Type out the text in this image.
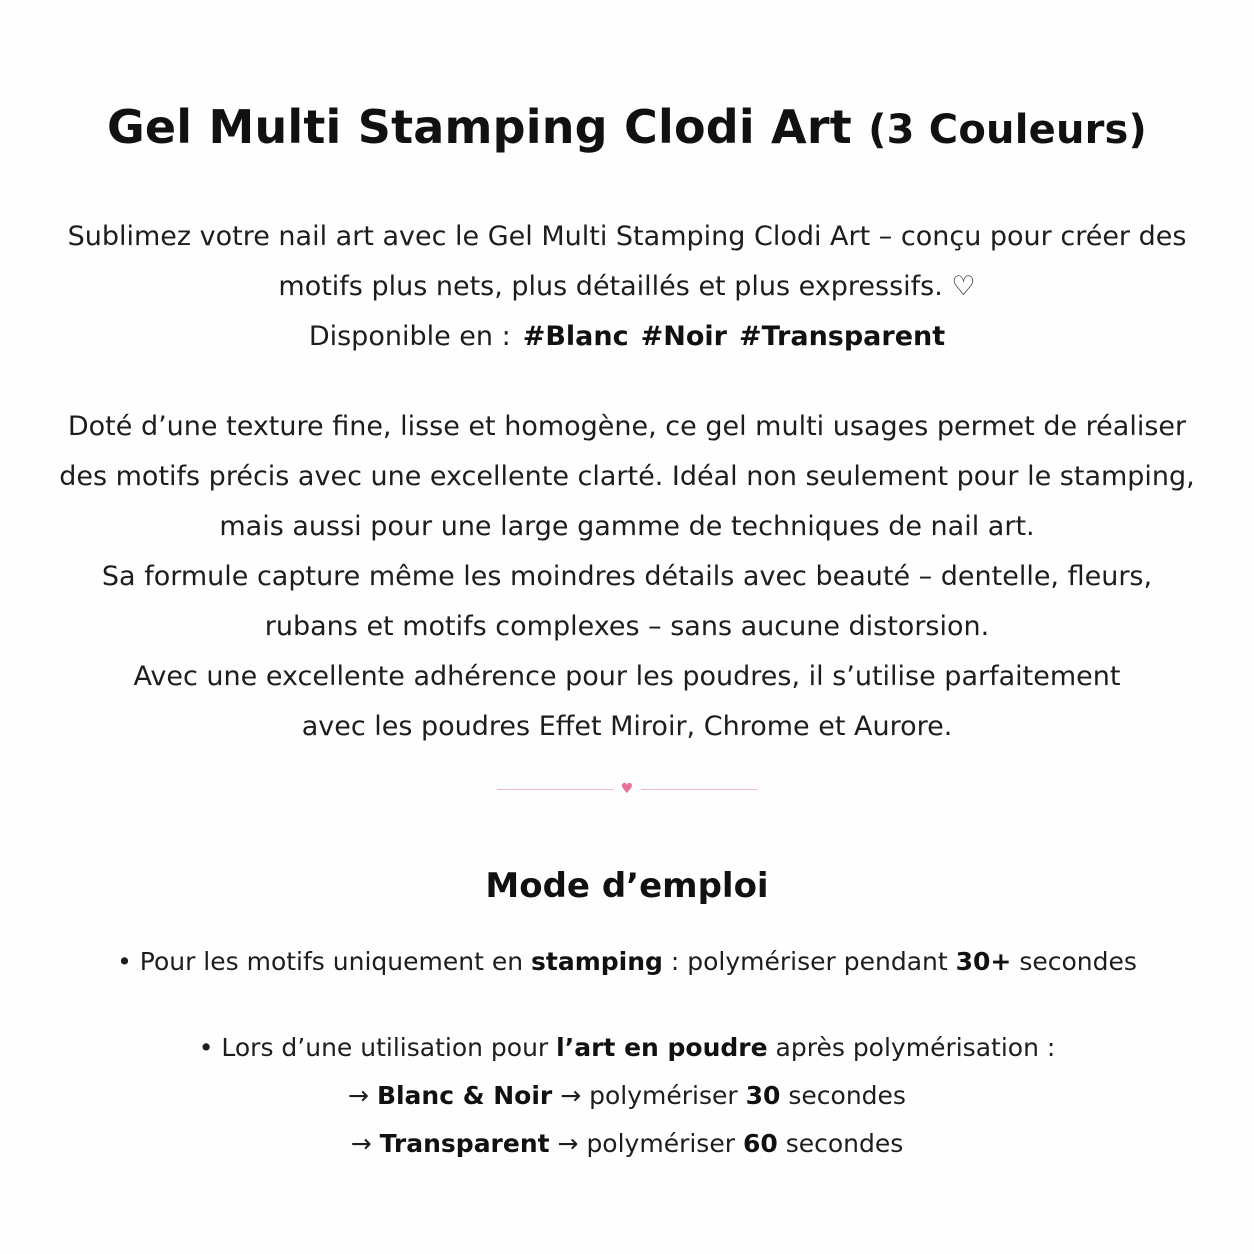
Gel Multi Stamping Clodi Art (3 Couleurs)

Sublimez votre nail art avec le Gel Multi Stamping Clodi Art – conçu pour créer des
motifs plus nets, plus détaillés et plus expressifs. ♡
Disponible en : #Blanc #Noir #Transparent

Doté d’une texture fine, lisse et homogène, ce gel multi usages permet de réaliser
des motifs précis avec une excellente clarté. Idéal non seulement pour le stamping,
mais aussi pour une large gamme de techniques de nail art.
Sa formule capture même les moindres détails avec beauté – dentelle, fleurs,
rubans et motifs complexes – sans aucune distorsion.
Avec une excellente adhérence pour les poudres, il s’utilise parfaitement
avec les poudres Effet Miroir, Chrome et Aurore.

♥
Mode d’emploi

• Pour les motifs uniquement en stamping : polymériser pendant 30+ secondes

• Lors d’une utilisation pour l’art en poudre après polymérisation :
→ Blanc & Noir → polymériser 30 secondes
→ Transparent → polymériser 60 secondes
